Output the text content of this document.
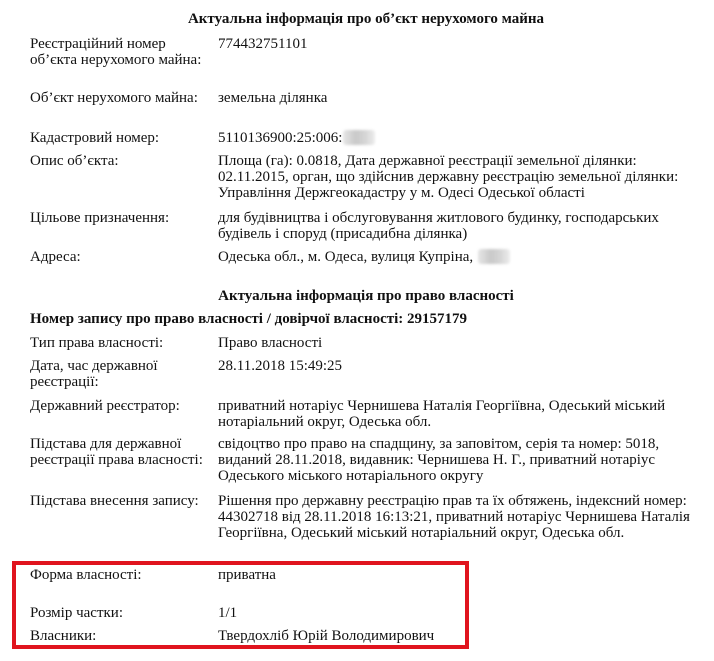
Актуальна інформація про об’єкт нерухомого майна
Реєстраційний номер об’єкта нерухомого майна:
774432751101
Об’єкт нерухомого майна:	земельна ділянка
Кадастровий номер:	5110136900:25:006:
Опис об’єкта:	Площа (га): 0.0818, Дата державної реєстрації земельної ділянки: 02.11.2015, орган, що здійснив державну реєстрацію земельної ділянки: Управління Держгеокадастру у м. Одесі Одеської області
Цільове призначення:	для будівництва і обслуговування житлового будинку, господарських будівель і споруд (присадибна ділянка)
Адреса:	Одеська обл., м. Одеса, вулиця Купріна,
Актуальна інформація про право власності
Номер запису про право власності / довірчої власності: 29157179
Тип права власності:	Право власності
Дата, час державної реєстрації:
28.11.2018 15:49:25
Державний реєстратор:	приватний нотаріус Чернишева Наталія Георгіївна, Одеський міський нотаріальний округ, Одеська обл.
Підстава для державної реєстрації права власності:
свідоцтво про право на спадщину, за заповітом, серія та номер: 5018, виданий 28.11.2018, видавник: Чернишева Н. Г., приватний нотаріус Одеського міського нотаріального округу
Підстава внесення запису:	Рішення про державну реєстрацію прав та їх обтяжень, індексний номер: 44302718 від 28.11.2018 16:13:21, приватний нотаріус Чернишева Наталія Георгіївна, Одеський міський нотаріальний округ, Одеська обл.
Форма власності:	приватна
Розмір частки:	1/1
Власники:	Твердохліб Юрій Володимирович
